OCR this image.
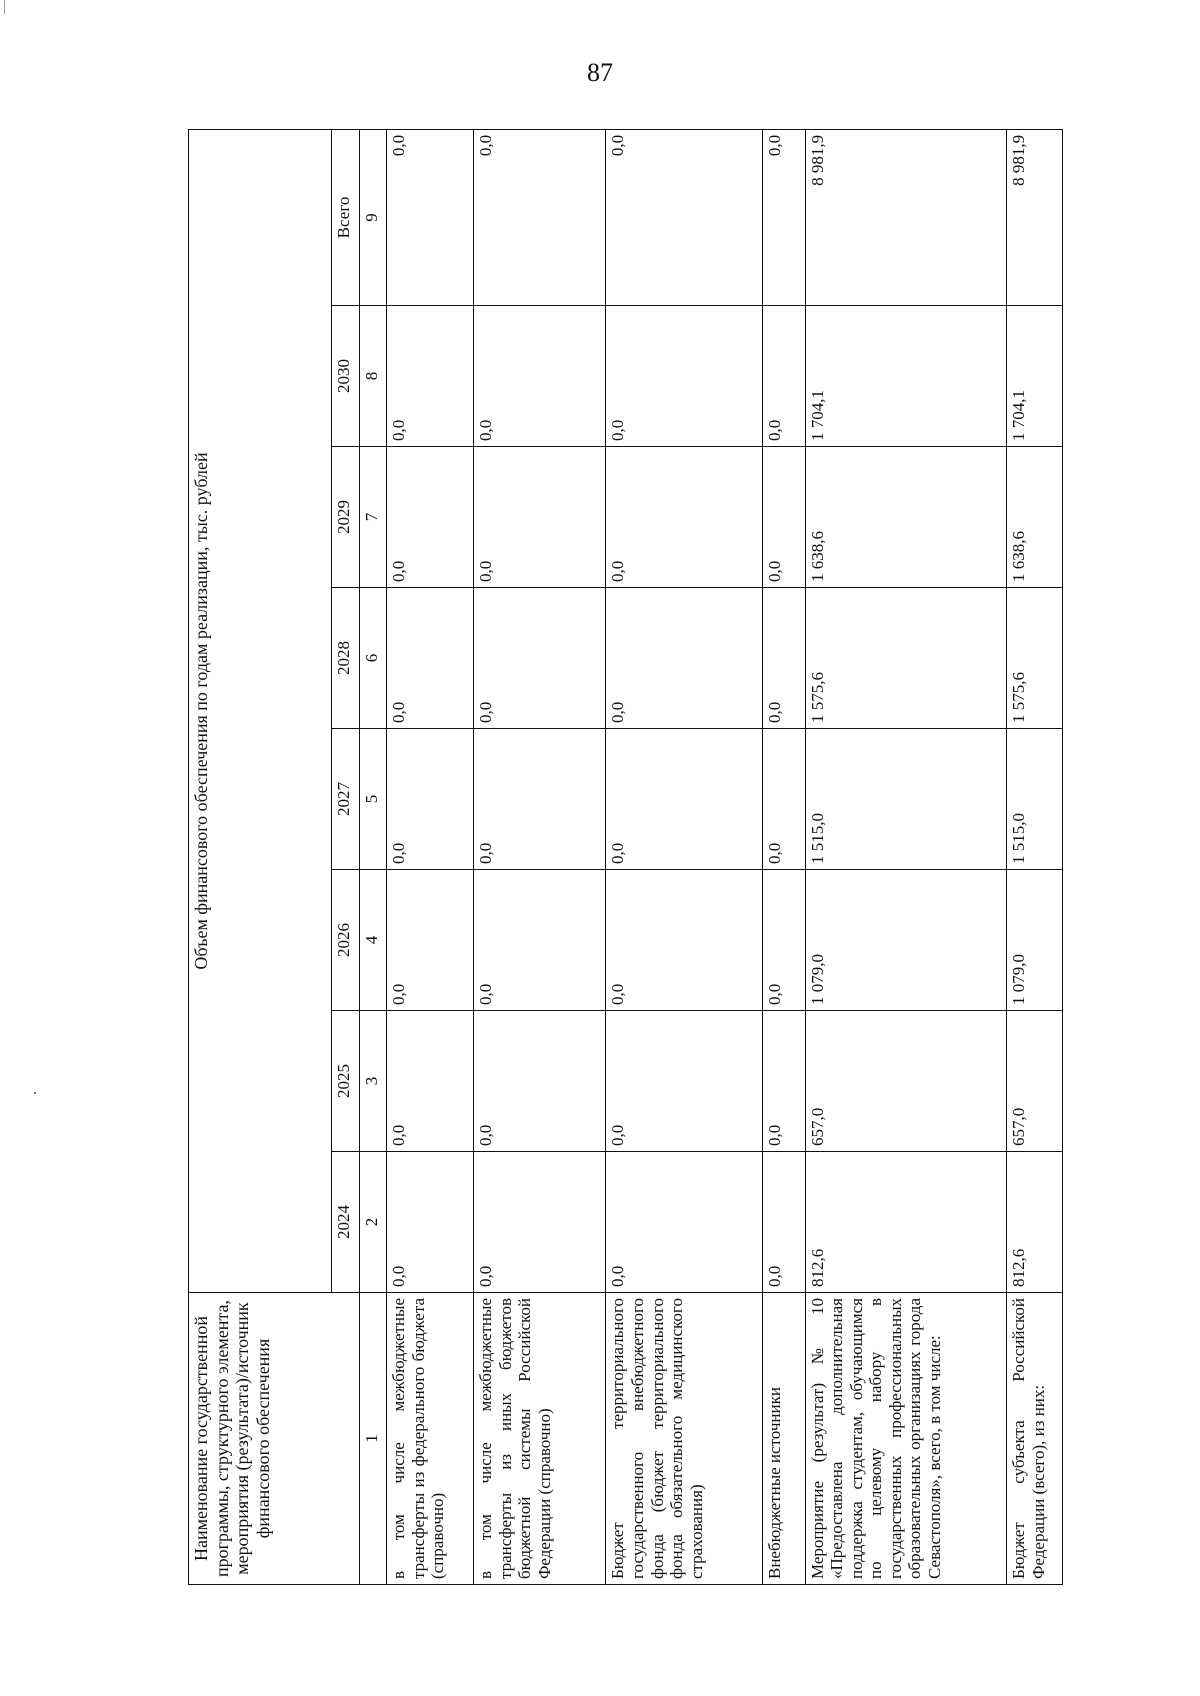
87
Наименование государственной программы, структурного элемента, мероприятия (результата)/источник финансового обеспечения	Объем финансового обеспечения по годам реализации, тыс. рублей							
	2024	2025	2026	2027	2028	2029	2030	Всего
1	2	3	4	5	6	7	8	9
в том числе межбюджетные трансферты из федерального бюджета (справочно)	0,0	0,0	0,0	0,0	0,0	0,0	0,0	0,0
в том числе межбюджетные трансферты из иных бюджетов бюджетной системы Российской Федерации (справочно)	0,0	0,0	0,0	0,0	0,0	0,0	0,0	0,0
Бюджет территориального государственного внебюджетного фонда (бюджет территориального фонда обязательного медицинского страхования)	0,0	0,0	0,0	0,0	0,0	0,0	0,0	0,0
Внебюджетные источники	0,0	0,0	0,0	0,0	0,0	0,0	0,0	0,0
Мероприятие (результат) № 10 «Предоставлена дополнительная поддержка студентам, обучающимся по целевому набору в государственных профессиональных образовательных организациях города Севастополя», всего, в том числе:	812,6	657,0	1 079,0	1 515,0	1 575,6	1 638,6	1 704,1	8 981,9
Бюджет субъекта Российской Федерации (всего), из них:	812,6	657,0	1 079,0	1 515,0	1 575,6	1 638,6	1 704,1	8 981,9
